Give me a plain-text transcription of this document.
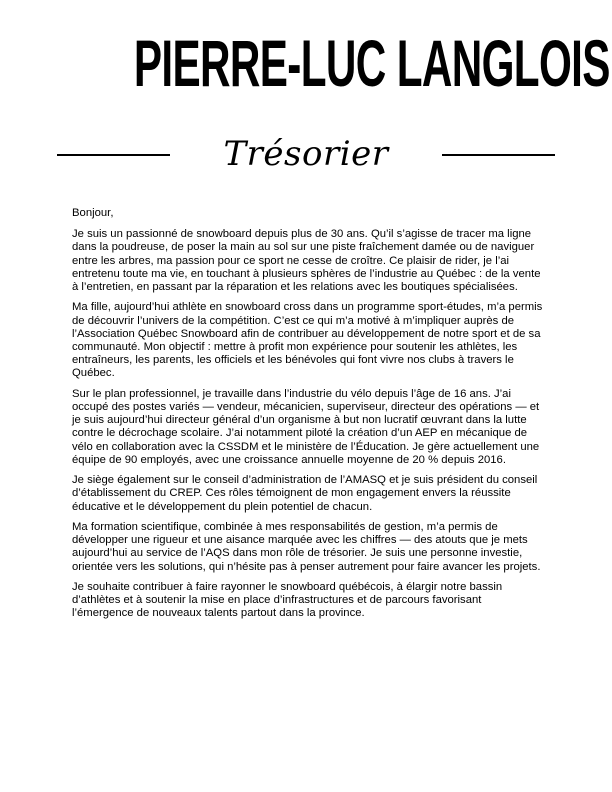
PIERRE-LUC LANGLOIS
Trésorier

Bonjour,

Je suis un passionné de snowboard depuis plus de 30 ans. Qu’il s’agisse de tracer ma ligne dans la poudreuse, de poser la main au sol sur une piste fraîchement damée ou de naviguer entre les arbres, ma passion pour ce sport ne cesse de croître. Ce plaisir de rider, je l’ai entretenu toute ma vie, en touchant à plusieurs sphères de l’industrie au Québec : de la vente à l’entretien, en passant par la réparation et les relations avec les boutiques spécialisées.

Ma fille, aujourd’hui athlète en snowboard cross dans un programme sport-études, m’a permis de découvrir l’univers de la compétition. C’est ce qui m’a motivé à m’impliquer auprès de l’Association Québec Snowboard afin de contribuer au développement de notre sport et de sa communauté. Mon objectif : mettre à profit mon expérience pour soutenir les athlètes, les entraîneurs, les parents, les officiels et les bénévoles qui font vivre nos clubs à travers le Québec.

Sur le plan professionnel, je travaille dans l’industrie du vélo depuis l’âge de 16 ans. J’ai occupé des postes variés — vendeur, mécanicien, superviseur, directeur des opérations — et je suis aujourd’hui directeur général d’un organisme à but non lucratif œuvrant dans la lutte contre le décrochage scolaire. J’ai notamment piloté la création d’un AEP en mécanique de vélo en collaboration avec la CSSDM et le ministère de l’Éducation. Je gère actuellement une équipe de 90 employés, avec une croissance annuelle moyenne de 20 % depuis 2016.

Je siège également sur le conseil d’administration de l’AMASQ et je suis président du conseil d’établissement du CREP. Ces rôles témoignent de mon engagement envers la réussite éducative et le développement du plein potentiel de chacun.

Ma formation scientifique, combinée à mes responsabilités de gestion, m’a permis de développer une rigueur et une aisance marquée avec les chiffres — des atouts que je mets aujourd’hui au service de l’AQS dans mon rôle de trésorier. Je suis une personne investie, orientée vers les solutions, qui n’hésite pas à penser autrement pour faire avancer les projets.

Je souhaite contribuer à faire rayonner le snowboard québécois, à élargir notre bassin d’athlètes et à soutenir la mise en place d’infrastructures et de parcours favorisant l’émergence de nouveaux talents partout dans la province.
